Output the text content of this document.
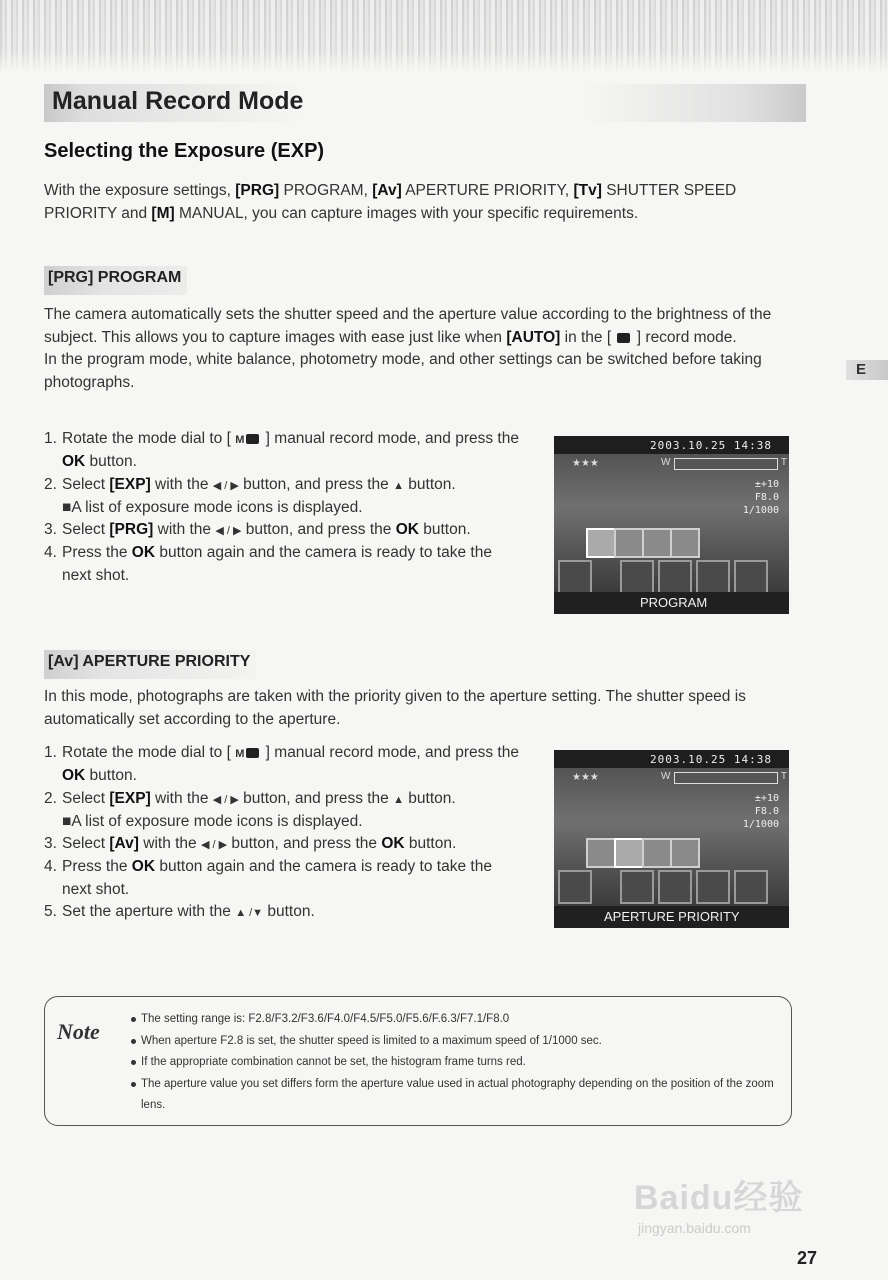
Manual Record Mode
Selecting the Exposure (EXP)

With the exposure settings, [PRG] PROGRAM, [Av] APERTURE PRIORITY, [Tv] SHUTTER SPEED PRIORITY and [M] MANUAL, you can capture images with your specific requirements.

E
[PRG] PROGRAM

The camera automatically sets the shutter speed and the aperture value according to the brightness of the subject. This allows you to capture images with ease just like when [AUTO] in the [  ] record mode.
In the program mode, white balance, photometry mode, and other settings can be switched before taking photographs.

1. Rotate the mode dial to [ M ] manual record mode, and press the OK button.
2. Select [EXP] with the ◀ / ▶ button, and press the ▲ button.
■A list of exposure mode icons is displayed.
3. Select [PRG] with the ◀ / ▶ button, and press the OK button.
4. Press the OK button again and the camera is ready to take the next shot.
2003.10.25 14:38
★★★	W	T
±+10
F8.0
1/1000
PROGRAM
[Av] APERTURE PRIORITY

In this mode, photographs are taken with the priority given to the aperture setting. The shutter speed is automatically set according to the aperture.

1. Rotate the mode dial to [ M ] manual record mode, and press the OK button.
2. Select [EXP] with the ◀ / ▶ button, and press the ▲ button.
■A list of exposure mode icons is displayed.
3. Select [Av] with the ◀ / ▶ button, and press the OK button.
4. Press the OK button again and the camera is ready to take the next shot.
5. Set the aperture with the ▲ /▼ button.
2003.10.25 14:38
★★★	W	T
±+10
F8.0
1/1000
APERTURE PRIORITY
Note	The setting range is: F2.8/F3.2/F3.6/F4.0/F4.5/F5.0/F5.6/F.6.3/F7.1/F8.0
When aperture F2.8 is set, the shutter speed is limited to a maximum speed of 1/1000 sec.
If the appropriate combination cannot be set, the histogram frame turns red.
The aperture value you set differs form the aperture value used in actual photography depending on the position of the zoom lens.
Baidu经验
jingyan.baidu.com
27
